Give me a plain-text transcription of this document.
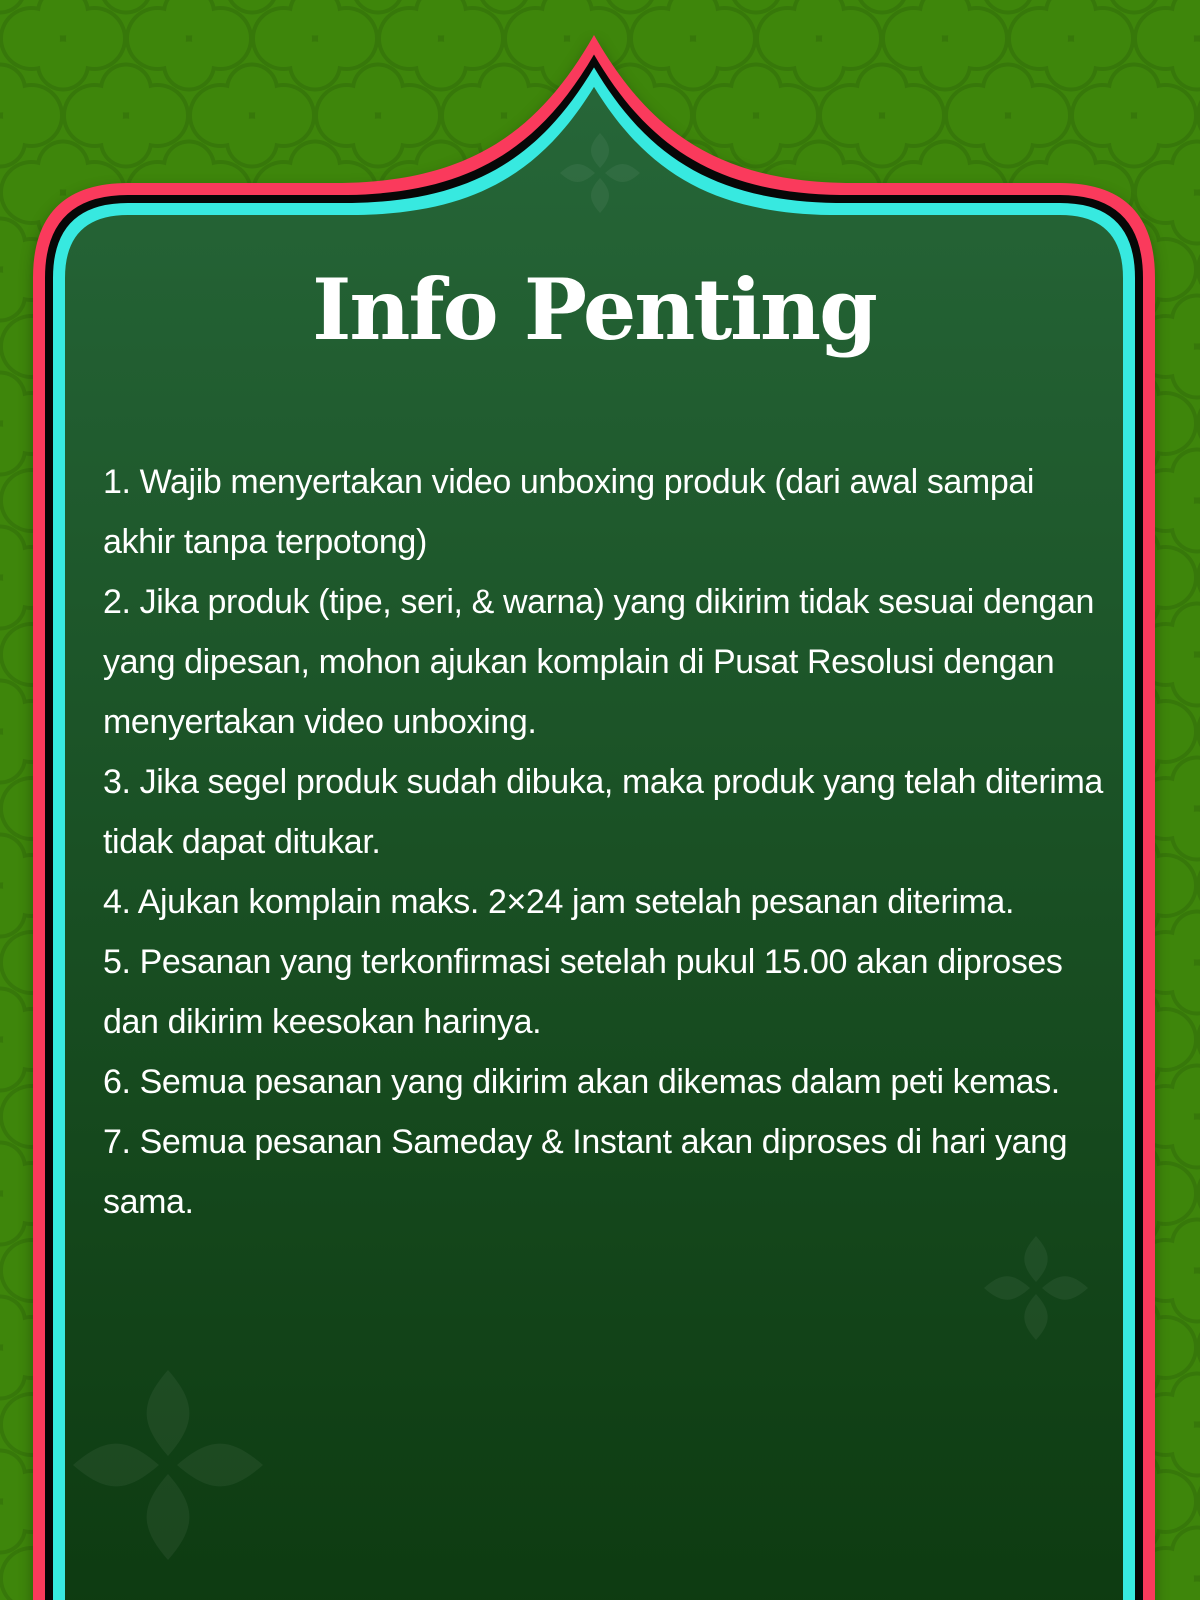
Info Penting
1. Wajib menyertakan video unboxing produk (dari awal sampai akhir tanpa terpotong)
2. Jika produk (tipe, seri, & warna) yang dikirim tidak sesuai dengan yang dipesan, mohon ajukan komplain di Pusat Resolusi dengan menyertakan video unboxing.
3. Jika segel produk sudah dibuka, maka produk yang telah diterima tidak dapat ditukar.
4. Ajukan komplain maks. 2×24 jam setelah pesanan diterima.
5. Pesanan yang terkonfirmasi setelah pukul 15.00 akan diproses dan dikirim keesokan harinya.
6. Semua pesanan yang dikirim akan dikemas dalam peti kemas.
7. Semua pesanan Sameday & Instant akan diproses di hari yang sama.
